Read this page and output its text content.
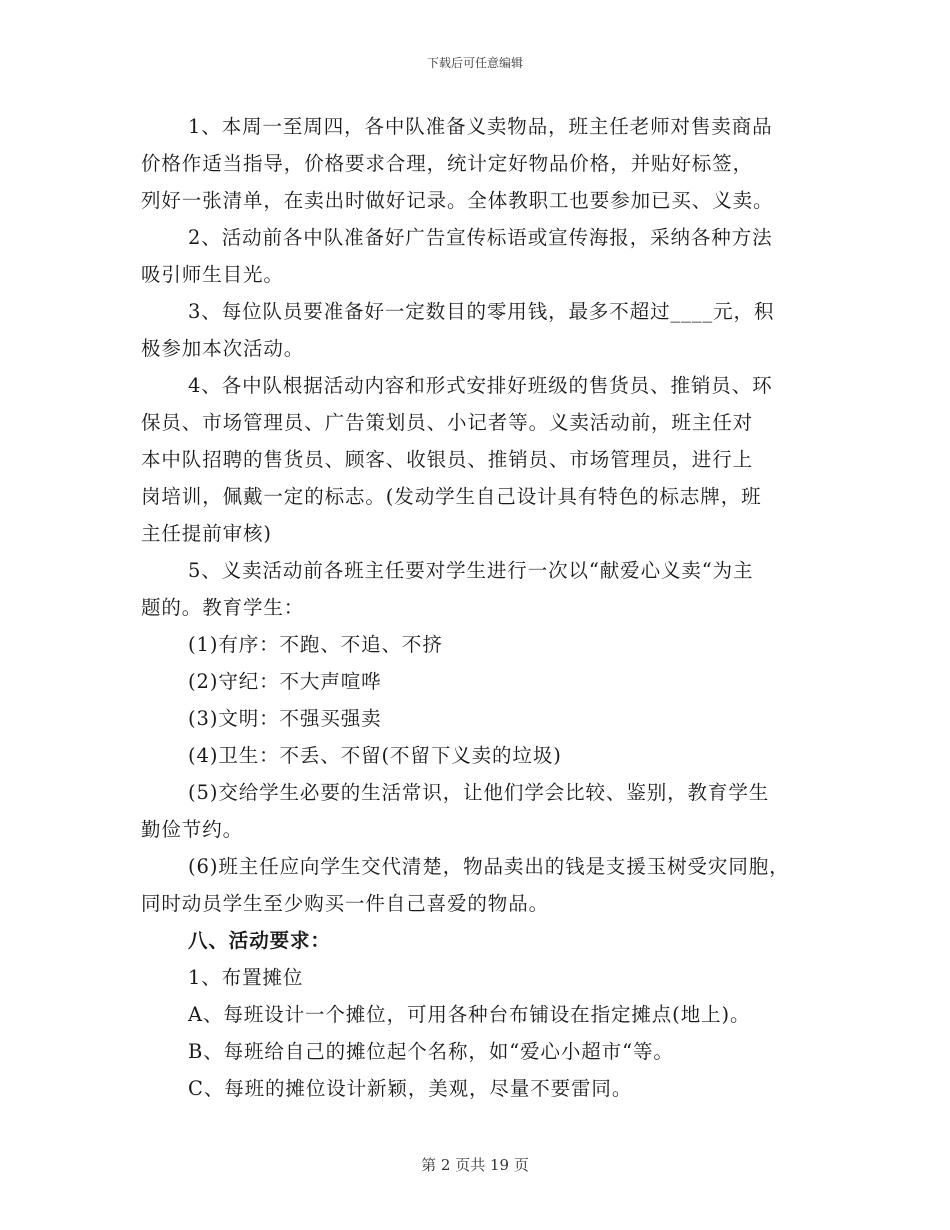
下载后可任意编辑
1、本周一至周四，各中队准备义卖物品，班主任老师对售卖商品
价格作适当指导，价格要求合理，统计定好物品价格，并贴好标签，
列好一张清单，在卖出时做好记录。全体教职工也要参加已买、义卖。
2、活动前各中队准备好广告宣传标语或宣传海报，采纳各种方法
吸引师生目光。
3、每位队员要准备好一定数目的零用钱，最多不超过____元，积
极参加本次活动。
4、各中队根据活动内容和形式安排好班级的售货员、推销员、环
保员、市场管理员、广告策划员、小记者等。义卖活动前，班主任对
本中队招聘的售货员、顾客、收银员、推销员、市场管理员，进行上
岗培训，佩戴一定的标志。(发动学生自己设计具有特色的标志牌，班
主任提前审核)
5、义卖活动前各班主任要对学生进行一次以“献爱心义卖“为主
题的。教育学生：
(1)有序：不跑、不追、不挤
(2)守纪：不大声喧哗
(3)文明：不强买强卖
(4)卫生：不丢、不留(不留下义卖的垃圾)
(5)交给学生必要的生活常识，让他们学会比较、鉴别，教育学生
勤俭节约。
(6)班主任应向学生交代清楚，物品卖出的钱是支援玉树受灾同胞，
同时动员学生至少购买一件自己喜爱的物品。
八、活动要求：
1、布置摊位
A、每班设计一个摊位，可用各种台布铺设在指定摊点(地上)。
B、每班给自己的摊位起个名称，如“爱心小超市“等。
C、每班的摊位设计新颖，美观，尽量不要雷同。
第 2 页共 19 页
